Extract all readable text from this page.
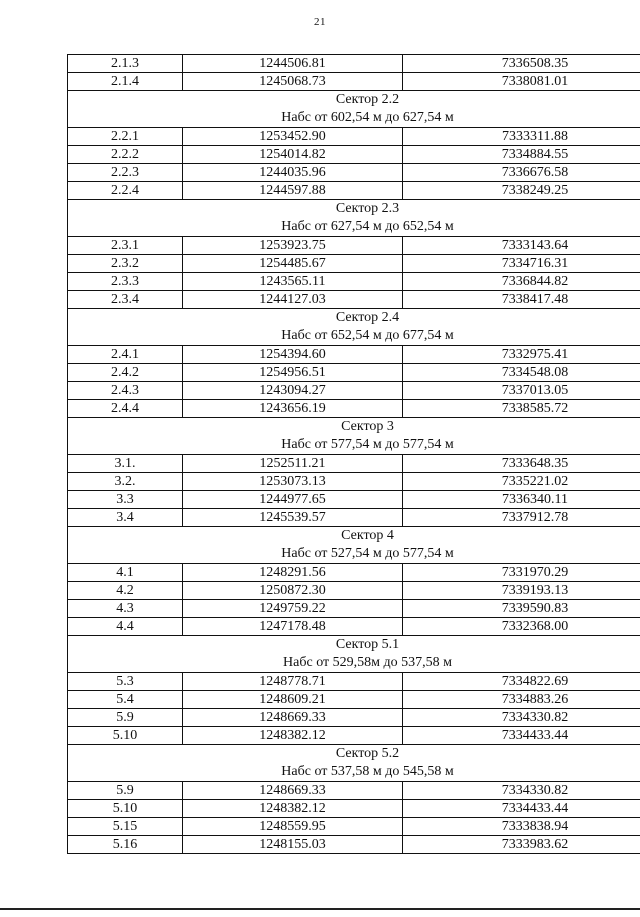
21
2.1.3	1244506.81	7336508.35
2.1.4	1245068.73	7338081.01

Сектор 2.2
Набс от 602,54 м до 627,54 м		

2.2.1	1253452.90	7333311.88
2.2.2	1254014.82	7334884.55
2.2.3	1244035.96	7336676.58
2.2.4	1244597.88	7338249.25

Сектор 2.3
Набс от 627,54 м до 652,54 м		

2.3.1	1253923.75	7333143.64
2.3.2	1254485.67	7334716.31
2.3.3	1243565.11	7336844.82
2.3.4	1244127.03	7338417.48

Сектор 2.4
Набс от 652,54 м до 677,54 м		

2.4.1	1254394.60	7332975.41
2.4.2	1254956.51	7334548.08
2.4.3	1243094.27	7337013.05
2.4.4	1243656.19	7338585.72

Сектор 3
Набс от 577,54 м до 577,54 м		

3.1.	1252511.21	7333648.35
3.2.	1253073.13	7335221.02
3.3	1244977.65	7336340.11
3.4	1245539.57	7337912.78

Сектор 4
Набс от 527,54 м до 577,54 м		

4.1	1248291.56	7331970.29
4.2	1250872.30	7339193.13
4.3	1249759.22	7339590.83
4.4	1247178.48	7332368.00

Сектор 5.1
Набс от 529,58м до 537,58 м		

5.3	1248778.71	7334822.69
5.4	1248609.21	7334883.26
5.9	1248669.33	7334330.82
5.10	1248382.12	7334433.44

Сектор 5.2
Набс от 537,58 м до 545,58 м		

5.9	1248669.33	7334330.82
5.10	1248382.12	7334433.44
5.15	1248559.95	7333838.94
5.16	1248155.03	7333983.62
